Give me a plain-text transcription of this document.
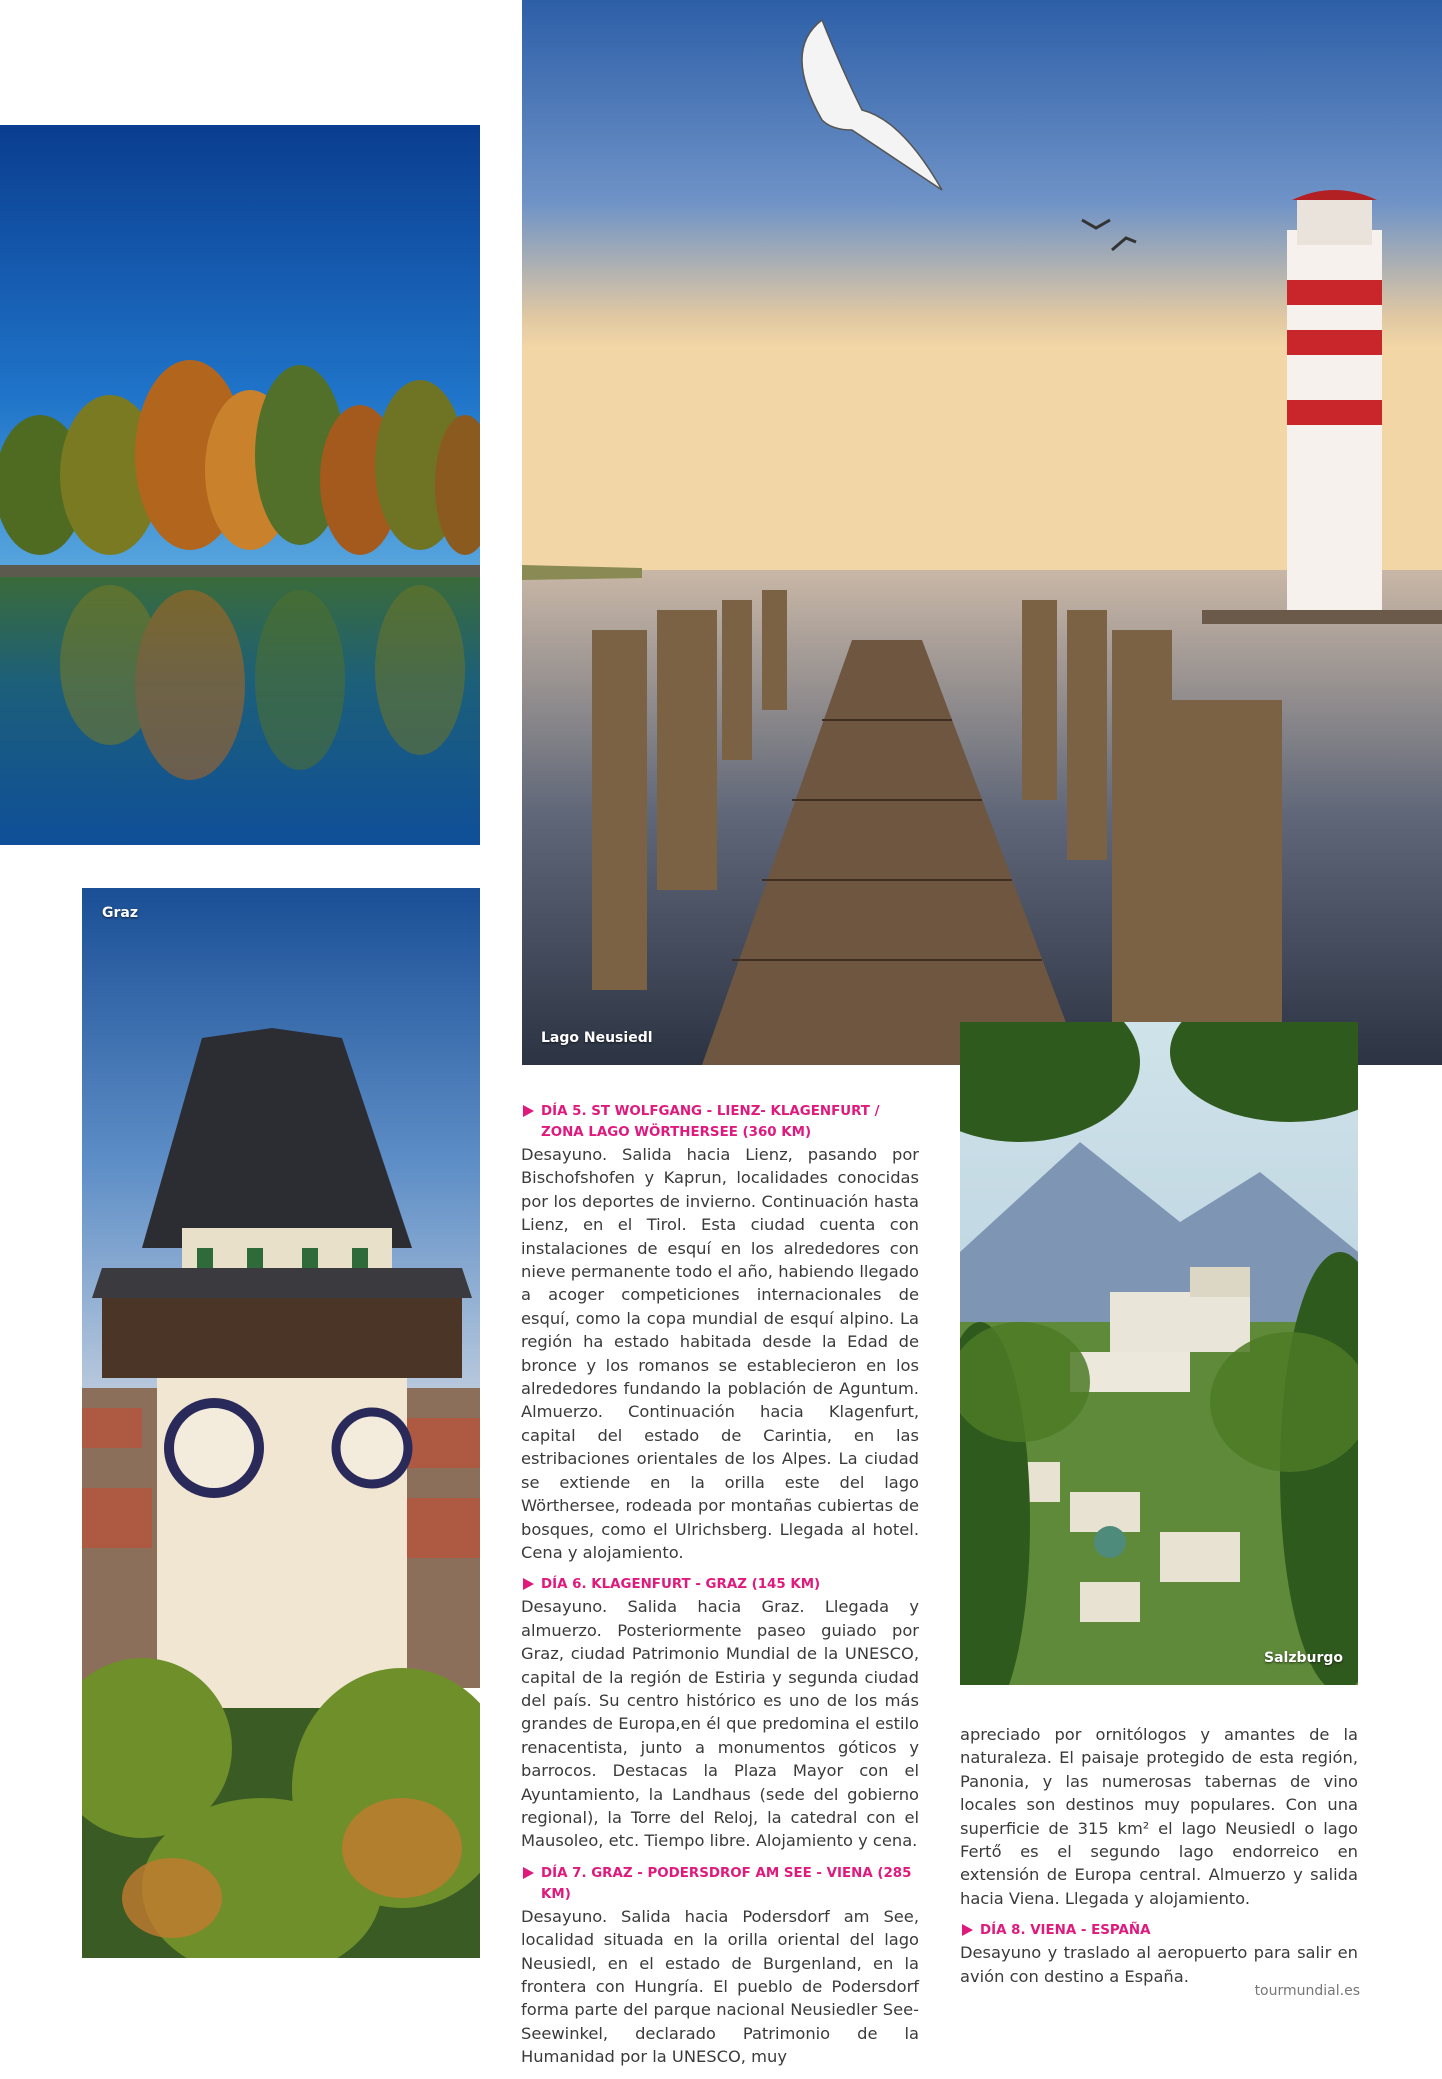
Graz
Lago Neusiedl
Salzburgo
DÍA 5. ST WOLFGANG - LIENZ- KLAGENFURT / ZONA LAGO WÖRTHERSEE (360 KM)

Desayuno. Salida hacia Lienz, pasando por Bischofshofen y Kaprun, localidades conocidas por los deportes de invierno. Continuación hasta Lienz, en el Tirol. Esta ciudad cuenta con instalaciones de esquí en los alrededores con nieve permanente todo el año, habiendo llegado a acoger competiciones internacionales de esquí, como la copa mundial de esquí alpino. La región ha estado habitada desde la Edad de bronce y los romanos se establecieron en los alrededores fundando la población de Aguntum. Almuerzo. Continuación hacia Klagenfurt, capital del estado de Carintia, en las estribaciones orientales de los Alpes. La ciudad se extiende en la orilla este del lago Wörthersee, rodeada por montañas cubiertas de bosques, como el Ulrichsberg. Llegada al hotel. Cena y alojamiento.

DÍA 6. KLAGENFURT - GRAZ (145 KM)

Desayuno. Salida hacia Graz. Llegada y almuerzo. Posteriormente paseo guiado por Graz, ciudad Patrimonio Mundial de la UNESCO, capital de la región de Estiria y segunda ciudad del país. Su centro histórico es uno de los más grandes de Europa,en él que predomina el estilo renacentista, junto a monumentos góticos y barrocos. Destacas la Plaza Mayor con el Ayuntamiento, la Landhaus (sede del gobierno regional), la Torre del Reloj, la catedral con el Mausoleo, etc. Tiempo libre. Alojamiento y cena.

DÍA 7. GRAZ - PODERSDROF AM SEE - VIENA (285 KM)

Desayuno. Salida hacia Podersdorf am See, localidad situada en la orilla oriental del lago Neusiedl, en el estado de Burgenland, en la frontera con Hungría. El pueblo de Podersdorf forma parte del parque nacional Neusiedler See-Seewinkel, declarado Patrimonio de la Humanidad por la UNESCO, muy

apreciado por ornitólogos y amantes de la naturaleza. El paisaje protegido de esta región, Panonia, y las numerosas tabernas de vino locales son destinos muy populares. Con una superficie de 315 km² el lago Neusiedl o lago Fertő es el segundo lago endorreico en extensión de Europa central. Almuerzo y salida hacia Viena. Llegada y alojamiento.

DÍA 8. VIENA - ESPAÑA

Desayuno y traslado al aeropuerto para salir en avión con destino a España.

tourmundial.es
